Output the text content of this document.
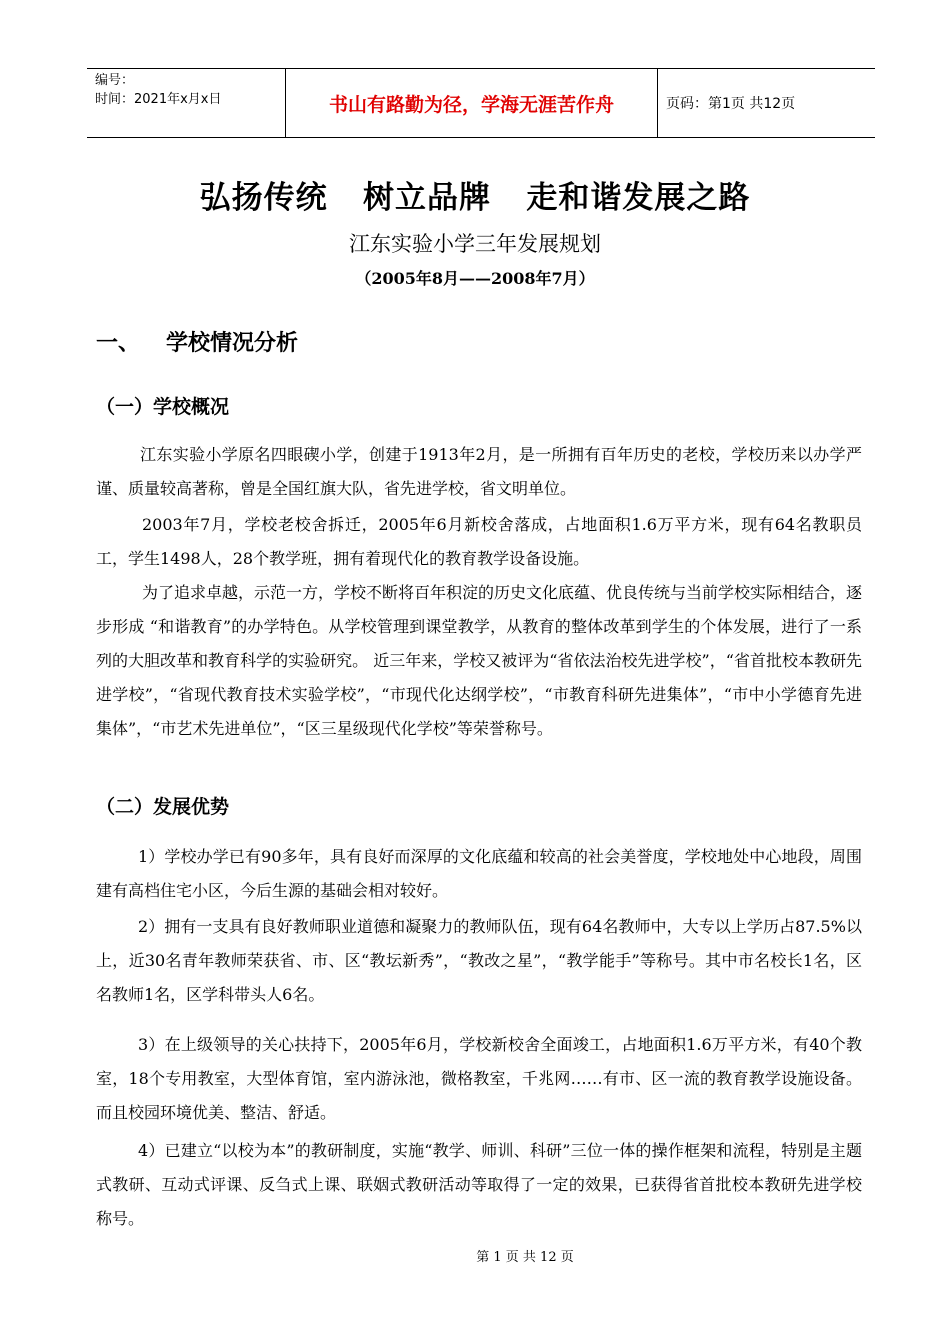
编号：
时间：2021年x月x日	书山有路勤为径，学海无涯苦作舟	页码：第1页 共12页
弘扬传统   树立品牌   走和谐发展之路
江东实验小学三年发展规划
（2005年8月——2008年7月）
一、 学校情况分析
（一）学校概况
江东实验小学原名四眼碶小学，创建于1913年2月，是一所拥有百年历史的老校，学校历来以办学严谨、质量较高著称，曾是全国红旗大队，省先进学校，省文明单位。
2003年7月，学校老校舍拆迁，2005年6月新校舍落成，占地面积1.6万平方米，现有64名教职员工，学生1498人，28个教学班，拥有着现代化的教育教学设备设施。
为了追求卓越，示范一方，学校不断将百年积淀的历史文化底蕴、优良传统与当前学校实际相结合，逐步形成 “和谐教育”的办学特色。从学校管理到课堂教学，从教育的整体改革到学生的个体发展，进行了一系列的大胆改革和教育科学的实验研究。 近三年来，学校又被评为“省依法治校先进学校”，“省首批校本教研先进学校”，“省现代教育技术实验学校”，“市现代化达纲学校”，“市教育科研先进集体”，“市中小学德育先进集体”，“市艺术先进单位”，“区三星级现代化学校”等荣誉称号。
（二）发展优势
1）学校办学已有90多年，具有良好而深厚的文化底蕴和较高的社会美誉度，学校地处中心地段，周围建有高档住宅小区，今后生源的基础会相对较好。
2）拥有一支具有良好教师职业道德和凝聚力的教师队伍，现有64名教师中，大专以上学历占87.5%以上，近30名青年教师荣获省、市、区“教坛新秀”，“教改之星”，“教学能手”等称号。其中市名校长1名，区名教师1名，区学科带头人6名。
3）在上级领导的关心扶持下，2005年6月，学校新校舍全面竣工，占地面积1.6万平方米，有40个教室，18个专用教室，大型体育馆，室内游泳池，微格教室，千兆网……有市、区一流的教育教学设施设备。而且校园环境优美、整洁、舒适。
4）已建立“以校为本”的教研制度，实施“教学、师训、科研”三位一体的操作框架和流程，特别是主题式教研、互动式评课、反刍式上课、联姻式教研活动等取得了一定的效果，已获得省首批校本教研先进学校称号。
第 1 页 共 12 页
